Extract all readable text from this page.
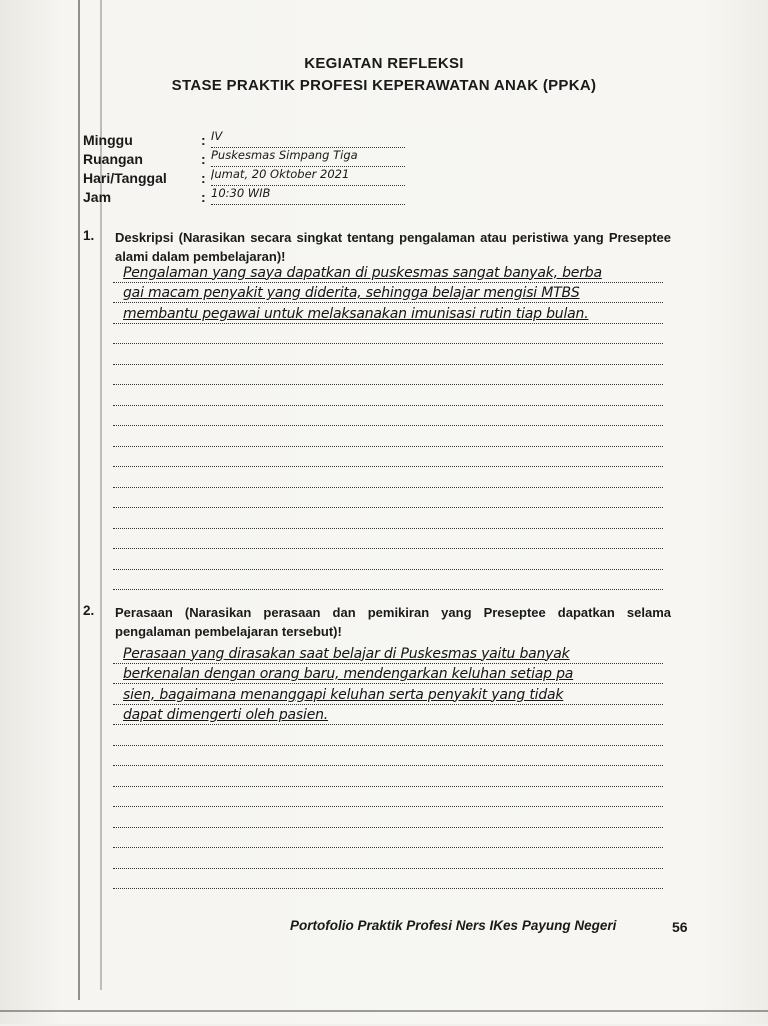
KEGIATAN REFLEKSI
STASE PRAKTIK PROFESI KEPERAWATAN ANAK (PPKA)
Minggu	: IV
Ruangan	: Puskesmas Simpang Tiga
Hari/Tanggal : Jumat, 20 Oktober 2021
Jam	: 10:30 WIB
1. Deskripsi (Narasikan secara singkat tentang pengalaman atau peristiwa yang Preseptee alami dalam pembelajaran)!
Pengalaman yang saya dapatkan di puskesmas sangat banyak, berba
gai macam penyakit yang diderita, sehingga belajar mengisi MTBS
membantu pegawai untuk melaksanakan imunisasi rutin tiap bulan.
2. Perasaan (Narasikan perasaan dan pemikiran yang Preseptee dapatkan selama pengalaman pembelajaran tersebut)!
Perasaan yang dirasakan saat belajar di Puskesmas yaitu banyak
berkenalan dengan orang baru, mendengarkan keluhan setiap pa
sien, bagaimana menanggapi keluhan serta penyakit yang tidak
dapat dimengerti oleh pasien.
Portofolio Praktik Profesi Ners IKes Payung Negeri	56
